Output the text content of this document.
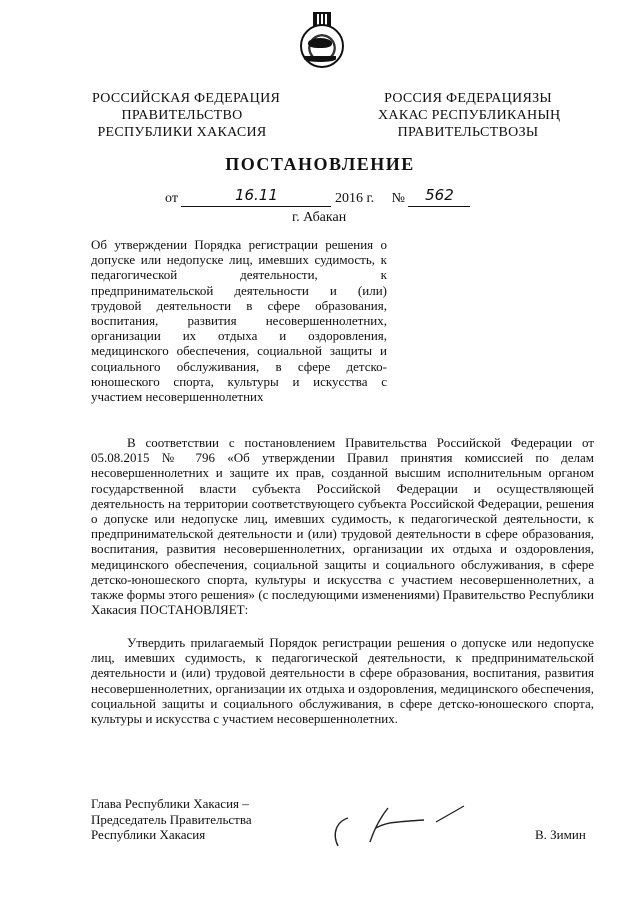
РОССИЙСКАЯ ФЕДЕРАЦИЯ
ПРАВИТЕЛЬСТВО
РЕСПУБЛИКИ ХАКАСИЯ
РОССИЯ ФЕДЕРАЦИЯЗЫ
ХАКАС РЕСПУБЛИКАНЫҢ
ПРАВИТЕЛЬСТВОЗЫ
ПОСТАНОВЛЕНИЕ
от	16.11	2016 г. №	562
г. Абакан
Об утверждении Порядка регистрации решения о допуске или недопуске лиц, имевших судимость, к педагогической деятельности, к предпринимательской деятельности и (или) трудовой деятельности в сфере образования, воспитания, развития несовершеннолетних, организации их отдыха и оздоровления, медицинского обеспечения, социальной защиты и социального обслуживания, в сфере детско-юношеского спорта, культуры и искусства с участием несовершеннолетних
В соответствии с постановлением Правительства Российской Федерации от 05.08.2015 № 796 «Об утверждении Правил принятия комиссией по делам несовершеннолетних и защите их прав, созданной высшим исполнительным органом государственной власти субъекта Российской Федерации и осуществляющей деятельность на территории соответствующего субъекта Российской Федерации, решения о допуске или недопуске лиц, имевших судимость, к педагогической деятельности, к предпринимательской деятельности и (или) трудовой деятельности в сфере образования, воспитания, развития несовершеннолетних, организации их отдыха и оздоровления, медицинского обеспечения, социальной защиты и социального обслуживания, в сфере детско-юношеского спорта, культуры и искусства с участием несовершеннолетних, а также формы этого решения» (с последующими изменениями) Правительство Республики Хакасия ПОСТАНОВЛЯЕТ:
Утвердить прилагаемый Порядок регистрации решения о допуске или недопуске лиц, имевших судимость, к педагогической деятельности, к предпринимательской деятельности и (или) трудовой деятельности в сфере образования, воспитания, развития несовершеннолетних, организации их отдыха и оздоровления, медицинского обеспечения, социальной защиты и социального обслуживания, в сфере детско-юношеского спорта, культуры и искусства с участием несовершеннолетних.
Глава Республики Хакасия –
Председатель Правительства
Республики Хакасия	В. Зимин
